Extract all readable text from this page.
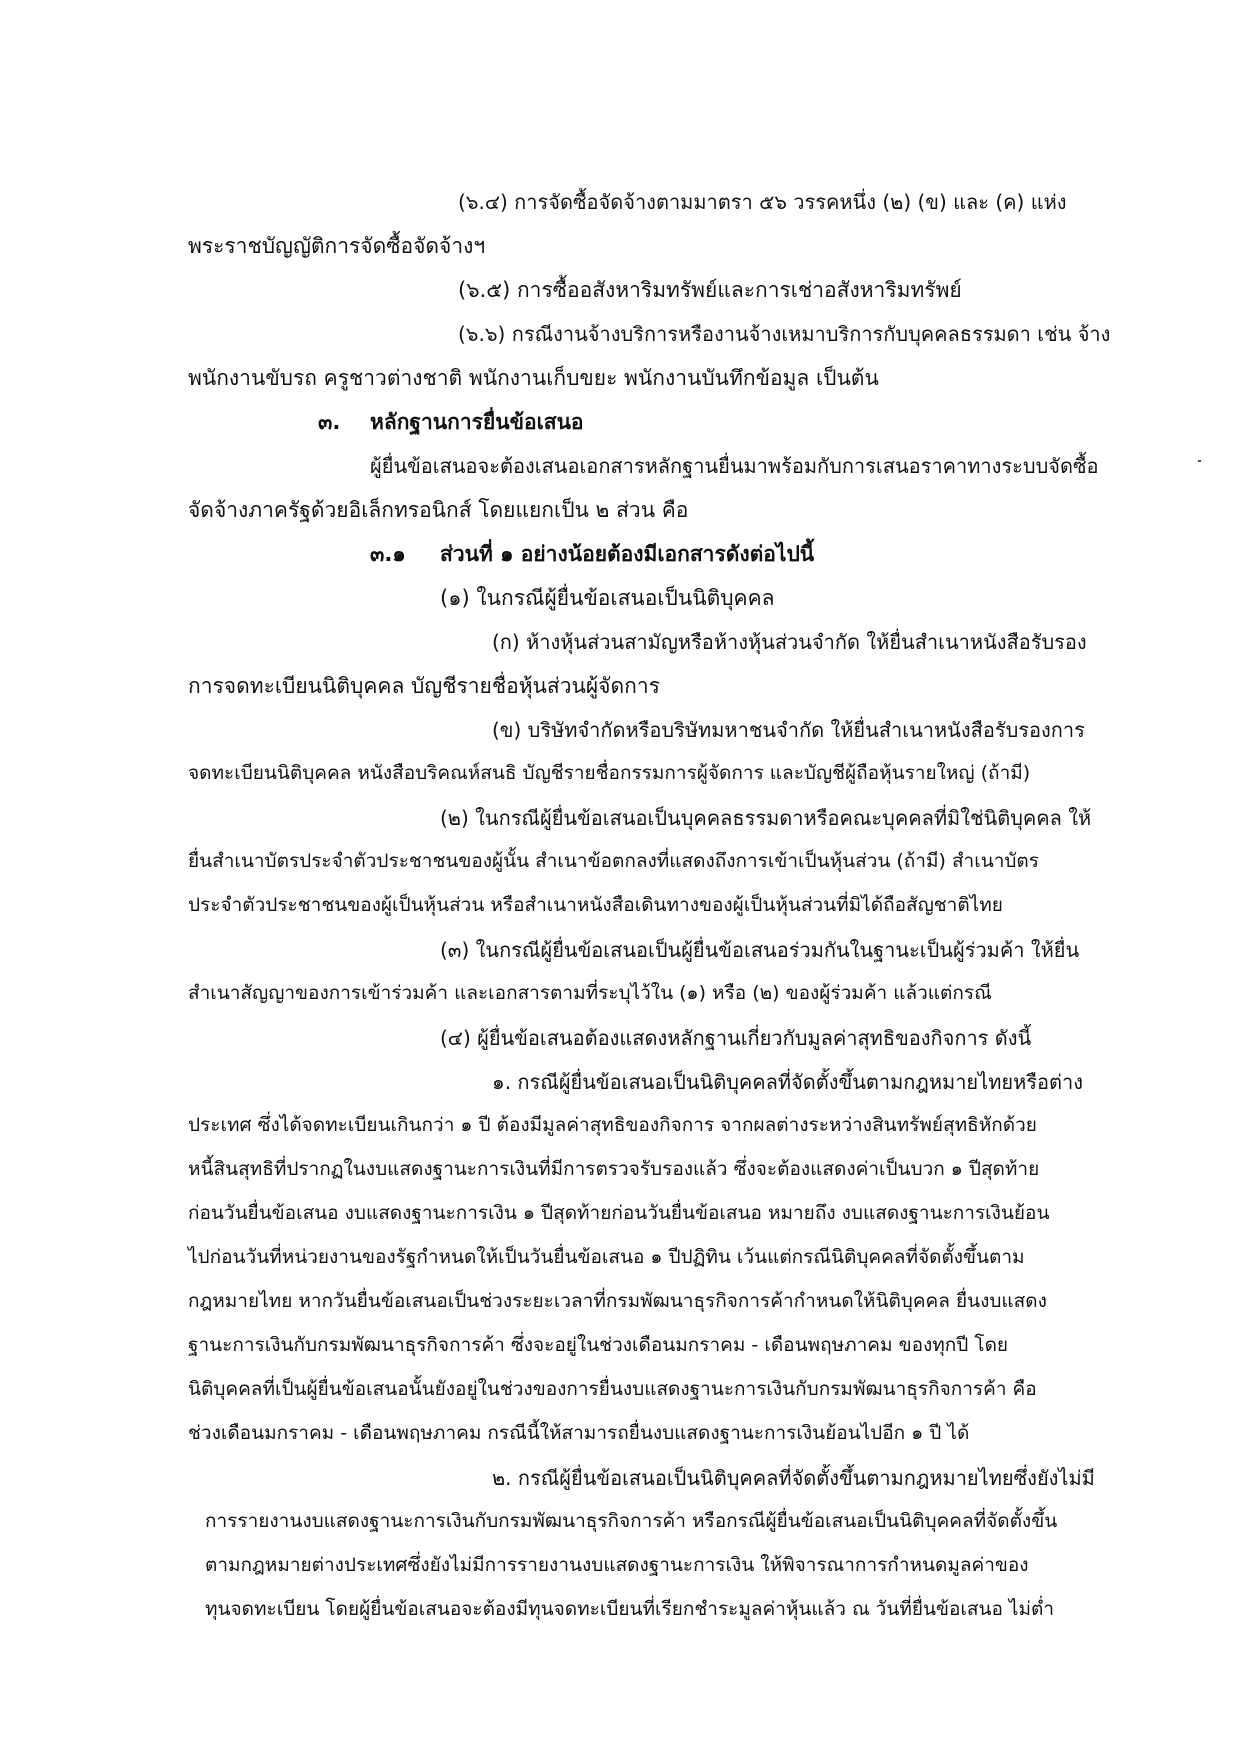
(๖.๔) การจัดซื้อจัดจ้างตามมาตรา ๕๖ วรรคหนึ่ง (๒) (ข) และ (ค) แห่ง
พระราชบัญญัติการจัดซื้อจัดจ้างฯ
(๖.๕) การซื้ออสังหาริมทรัพย์และการเช่าอสังหาริมทรัพย์
(๖.๖) กรณีงานจ้างบริการหรืองานจ้างเหมาบริการกับบุคคลธรรมดา เช่น จ้าง
พนักงานขับรถ ครูชาวต่างชาติ พนักงานเก็บขยะ พนักงานบันทึกข้อมูล เป็นต้น
๓. หลักฐานการยื่นข้อเสนอ
ผู้ยื่นข้อเสนอจะต้องเสนอเอกสารหลักฐานยื่นมาพร้อมกับการเสนอราคาทางระบบจัดซื้อ
จัดจ้างภาครัฐด้วยอิเล็กทรอนิกส์ โดยแยกเป็น ๒ ส่วน คือ
๓.๑ ส่วนที่ ๑ อย่างน้อยต้องมีเอกสารดังต่อไปนี้
(๑) ในกรณีผู้ยื่นข้อเสนอเป็นนิติบุคคล
(ก) ห้างหุ้นส่วนสามัญหรือห้างหุ้นส่วนจำกัด ให้ยื่นสำเนาหนังสือรับรอง
การจดทะเบียนนิติบุคคล บัญชีรายชื่อหุ้นส่วนผู้จัดการ
(ข) บริษัทจำกัดหรือบริษัทมหาชนจำกัด ให้ยื่นสำเนาหนังสือรับรองการ
จดทะเบียนนิติบุคคล หนังสือบริคณห์สนธิ บัญชีรายชื่อกรรมการผู้จัดการ และบัญชีผู้ถือหุ้นรายใหญ่ (ถ้ามี)
(๒) ในกรณีผู้ยื่นข้อเสนอเป็นบุคคลธรรมดาหรือคณะบุคคลที่มิใช่นิติบุคคล ให้
ยื่นสำเนาบัตรประจำตัวประชาชนของผู้นั้น สำเนาข้อตกลงที่แสดงถึงการเข้าเป็นหุ้นส่วน (ถ้ามี) สำเนาบัตร
ประจำตัวประชาชนของผู้เป็นหุ้นส่วน หรือสำเนาหนังสือเดินทางของผู้เป็นหุ้นส่วนที่มิได้ถือสัญชาติไทย
(๓) ในกรณีผู้ยื่นข้อเสนอเป็นผู้ยื่นข้อเสนอร่วมกันในฐานะเป็นผู้ร่วมค้า ให้ยื่น
สำเนาสัญญาของการเข้าร่วมค้า และเอกสารตามที่ระบุไว้ใน (๑) หรือ (๒) ของผู้ร่วมค้า แล้วแต่กรณี
(๔) ผู้ยื่นข้อเสนอต้องแสดงหลักฐานเกี่ยวกับมูลค่าสุทธิของกิจการ ดังนี้
๑. กรณีผู้ยื่นข้อเสนอเป็นนิติบุคคลที่จัดตั้งขึ้นตามกฎหมายไทยหรือต่าง
ประเทศ ซึ่งได้จดทะเบียนเกินกว่า ๑ ปี ต้องมีมูลค่าสุทธิของกิจการ จากผลต่างระหว่างสินทรัพย์สุทธิหักด้วย
หนี้สินสุทธิที่ปรากฏในงบแสดงฐานะการเงินที่มีการตรวจรับรองแล้ว ซึ่งจะต้องแสดงค่าเป็นบวก ๑ ปีสุดท้าย
ก่อนวันยื่นข้อเสนอ งบแสดงฐานะการเงิน ๑ ปีสุดท้ายก่อนวันยื่นข้อเสนอ หมายถึง งบแสดงฐานะการเงินย้อน
ไปก่อนวันที่หน่วยงานของรัฐกำหนดให้เป็นวันยื่นข้อเสนอ ๑ ปีปฏิทิน เว้นแต่กรณีนิติบุคคลที่จัดตั้งขึ้นตาม
กฎหมายไทย หากวันยื่นข้อเสนอเป็นช่วงระยะเวลาที่กรมพัฒนาธุรกิจการค้ากำหนดให้นิติบุคคล ยื่นงบแสดง
ฐานะการเงินกับกรมพัฒนาธุรกิจการค้า ซึ่งจะอยู่ในช่วงเดือนมกราคม - เดือนพฤษภาคม ของทุกปี โดย
นิติบุคคลที่เป็นผู้ยื่นข้อเสนอนั้นยังอยู่ในช่วงของการยื่นงบแสดงฐานะการเงินกับกรมพัฒนาธุรกิจการค้า คือ
ช่วงเดือนมกราคม - เดือนพฤษภาคม กรณีนี้ให้สามารถยื่นงบแสดงฐานะการเงินย้อนไปอีก ๑ ปี ได้
๒. กรณีผู้ยื่นข้อเสนอเป็นนิติบุคคลที่จัดตั้งขึ้นตามกฎหมายไทยซึ่งยังไม่มี
การรายงานงบแสดงฐานะการเงินกับกรมพัฒนาธุรกิจการค้า หรือกรณีผู้ยื่นข้อเสนอเป็นนิติบุคคลที่จัดตั้งขึ้น
ตามกฎหมายต่างประเทศซึ่งยังไม่มีการรายงานงบแสดงฐานะการเงิน ให้พิจารณาการกำหนดมูลค่าของ
ทุนจดทะเบียน โดยผู้ยื่นข้อเสนอจะต้องมีทุนจดทะเบียนที่เรียกชำระมูลค่าหุ้นแล้ว ณ วันที่ยื่นข้อเสนอ ไม่ต่ำ
